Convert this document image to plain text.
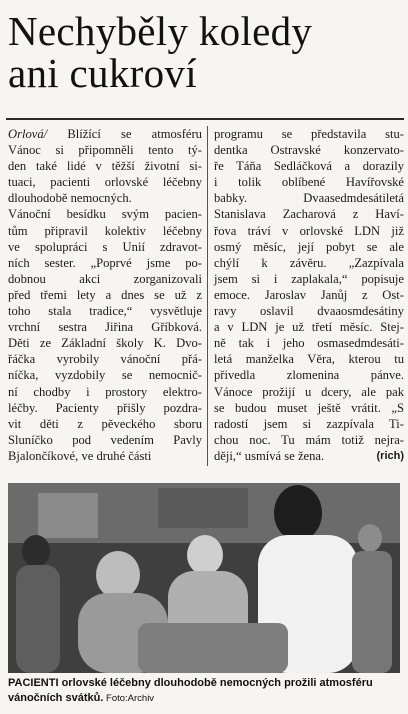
Nechyběly koledy
ani cukroví
Orlová/ Blížící se atmosféru
Vánoc si připomněli tento tý-
den také lidé v těžší životní si-
tuaci, pacienti orlovské léčebny
dlouhodobě nemocných.
Vánoční besídku svým pacien-
tům připravil kolektiv léčebny
ve spolupráci s Unií zdravot-
ních sester. „Poprvé jsme po-
dobnou akci zorganizovali
před třemi lety a dnes se už z
toho stala tradice,“ vysvětluje
vrchní sestra Jiřina Gříbková.
Děti ze Základní školy K. Dvo-
řáčka vyrobily vánoční přá-
níčka, vyzdobily se nemocnič-
ní chodby i prostory elektro-
léčby. Pacienty přišly pozdra-
vit děti z pěveckého sboru
Sluníčko pod vedením Pavly
Bjalončíkové, ve druhé části
programu se představila stu-
dentka Ostravské konzervato-
ře Táňa Sedláčková a dorazily
i tolik oblíbené Havířovské
babky. Dvaasedmdesátiletá
Stanislava Zacharová z Haví-
řova tráví v orlovské LDN již
osmý měsíc, její pobyt se ale
chýlí k závěru. „Zazpívala
jsem si i zaplakala,“ popisuje
emoce. Jaroslav Janůj z Ost-
ravy oslavil dvaaosmdesátiny
a v LDN je už třetí měsíc. Stej-
ně tak i jeho osmasedmdesáti-
letá manželka Věra, kterou tu
přivedla zlomenina pánve.
Vánoce prožijí u dcery, ale pak
se budou muset ještě vrátit. „S
radostí jsem si zazpívala Ti-
chou noc. Tu mám totiž nejra-
ději,“ usmívá se žena.	(rich)
PACIENTI orlovské léčebny dlouhodobě nemocných prožili atmosféru vánočních svátků. Foto:Archiv
